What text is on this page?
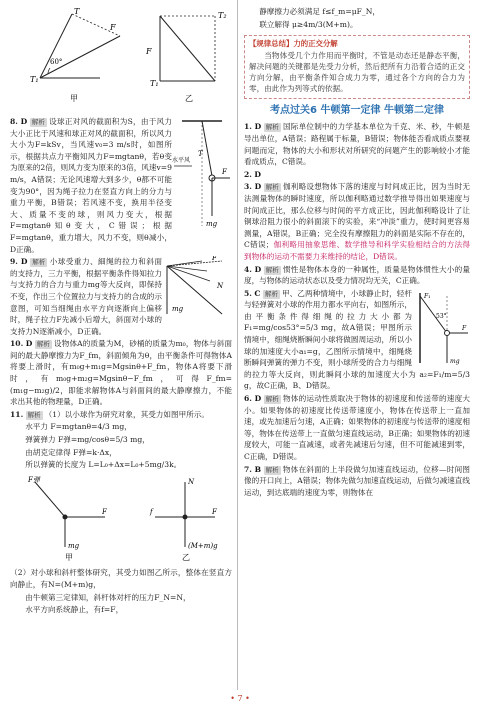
60°
F
T₁
T
甲
T₂
F
T₁
乙
水平风
F
T
mg

8. D 解析 设球正对风的截面积为S，由于风力大小正比于风速和球正对风的截面积，所以风力大小为F=kSv，当风速v₀=3 m/s时，如图所示，根据共点力平衡知风力F=mgtanθ，若θ变为原来的2倍，则风力变为原来的3倍，风速v=9 m/s，A错误；无论风速增大到多少，θ都不可能变为90°，因为绳子拉力在竖直方向上的分力与重力平衡，B错误；若风速不变，换用半径变大、质量不变的球，则风力变大，根据F=mgtanθ知θ变大，C错误；根据F=mgtanθ，重力增大，风力不变，则θ减小，D正确。

F
N
mg

9. D 解析 小球受重力、細绳的拉力和斜面的支持力，三力平衡，根据平衡条件得知拉力与支持力的合力与重力mg等大反向，即保持不变，作出三个位置拉力与支持力的合成的示意图，可知当细绳由水平方向逐渐向上偏移时，绳子拉力F先减小后增大，斜面对小球的支持力N逐渐减小，D正确。

10. D 解析 设物体A的质量为M，砂桶的质量为m₀，物体与斜面间的最大静摩擦力为F_fm，斜面倾角为θ，由平衡条件可得物体A将要上滑时，有m₀g+m₁g=Mgsinθ+F_fm，物体A将要下滑时，有m₀g+m₂g=Mgsinθ−F_fm，可得F_fm=(m₁g−m₂g)/2，即能求解物体A与斜面间的最大静摩擦力，不能求出其他的物理量，D正确。

11. 解析 （1）以小球作为研究对象，其受力如图甲所示。

水平力 F=mgtanθ=4/3 mg，

弹簧弹力 F弹=mg/cosθ=5/3 mg，

由胡克定律得 F弹=k·Δx，

所以弹簧的长度为 L=L₀+Δx=L₀+5mg/3k。

F弹
F
mg
甲
N
f	F
(M+m)g
乙

（2）对小球和斜杆整体研究，其受力如图乙所示，整体在竖直方向静止，有N=(M+m)g，

由牛顿第三定律知，斜杆体对杆的压力F_N=N，

水平方向系统静止，有f=F，

静摩擦力必须满足 f≤f_m=μF_N，

联立解得 μ≥4m/3(M+m)。

【规律总结】力的正交分解

当物体受几个力作用而平衡时，不管是动态还是静态平衡，解决问题的关键都是先受力分析，然后把所有力沿着合适的正交方向分解，由平衡条件知合成力为零，通过各个方向的合力为零，由此作为列等式的依据。

考点过关6 牛顿第一定律 牛顿第二定律

1. D 解析 国际单位制中的力学基本单位为千克、米、秒，牛顿是导出单位，A错误；路程属于标量，B错误；物体能否看成质点要视问题而定，物体的大小和形状对所研究的问题产生的影响较小才能看成质点，C错误。

2. D

3. D 解析 伽利略设想物体下落的速度与时间成正比，因为当时无法测量物体的瞬时速度，所以伽利略通过数学推导得出如果速度与时间成正比，那么位移与时间的平方成正比，因此伽利略设计了让铜球沿阻力很小的斜面滚下的实验，来“冲淡”重力，使时间更容易测量，A错误，B正确；完全没有摩擦阻力的斜面是实际不存在的，C错误；伽利略用抽象思维、数学推导和科学实验相结合的方法得到物体的运动不需要力来维持的结论，D错误。

4. D 解析 惯性是物体本身的一种属性，质量是物体惯性大小的量度，与物体的运动状态以及受力情况均无关，C正确。

F₁
53°
F
mg

5. C 解析 甲、乙两种情境中，小球静止时，轻杆与轻弹簧对小球的作用力都水平向右，如图所示，由平衡条件得细绳的拉力大小都为 F₁=mg/cos53°=5/3 mg，故A错误；甲图所示情境中，细绳烧断瞬间小球将做圆周运动，所以小球的加速度大小a₁=g，乙图所示情境中，细绳烧断瞬间弹簧的弹力不变，则小球所受的合力与细绳的拉力等大反向，则此瞬间小球的加速度大小为 a₂=F₁/m=5/3 g，故C正确，B、D错误。

6. D 解析 物体的运动性质取决于物体的初速度和传送带的速度大小。如果物体的初速度比传送带速度小，物体在传送带上一直加速，或先加速后匀速，A正确；如果物体的初速度与传送带的速度相等，物体在传送带上一直做匀速直线运动，B正确；如果物体的初速度较大，可能一直减速，或者先减速后匀速，但不可能减速到零，C正确，D错误。

7. B 解析 物体在斜面的上半段做匀加速直线运动，位移—时间图像的开口向上，A错误；物体先做匀加速直线运动，后做匀减速直线运动，到达底端的速度为零，则物体在

• 7 •
